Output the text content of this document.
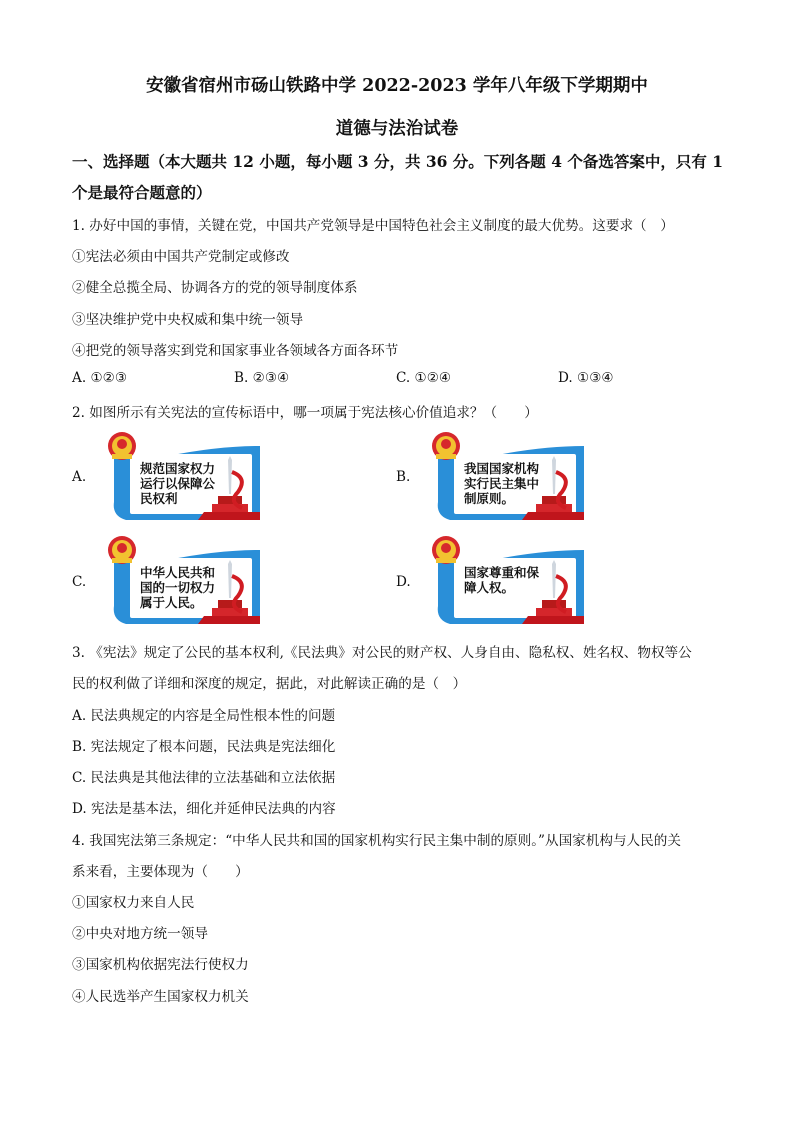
安徽省宿州市砀山铁路中学 2022-2023 学年八年级下学期期中
道德与法治试卷

一、选择题（本大题共 12 小题，每小题 3 分，共 36 分。下列各题 4 个备选答案中，只有 1

个是最符合题意的）

1. 办好中国的事情，关键在党，中国共产党领导是中国特色社会主义制度的最大优势。这要求（　）

①宪法必须由中国共产党制定或修改

②健全总揽全局、协调各方的党的领导制度体系

③坚决维护党中央权威和集中统一领导

④把党的领导落实到党和国家事业各领域各方面各环节

A. ①②③	B. ②③④	C. ①②④	D. ①③④

2. 如图所示有关宪法的宣传标语中，哪一项属于宪法核心价值追求？（　　）

A.
规范国家权力
运行以保障公
民权利
B.
我国国家机构
实行民主集中
制原则。
C.
中华人民共和
国的一切权力
属于人民。
D.
国家尊重和保
障人权。

3. 《宪法》规定了公民的基本权利,《民法典》对公民的财产权、人身自由、隐私权、姓名权、物权等公

民的权利做了详细和深度的规定，据此，对此解读正确的是（　）

A. 民法典规定的内容是全局性根本性的问题

B. 宪法规定了根本问题，民法典是宪法细化

C. 民法典是其他法律的立法基础和立法依据

D. 宪法是基本法，细化并延伸民法典的内容

4. 我国宪法第三条规定：“中华人民共和国的国家机构实行民主集中制的原则。”从国家机构与人民的关

系来看，主要体现为（　　）

①国家权力来自人民

②中央对地方统一领导

③国家机构依据宪法行使权力

④人民选举产生国家权力机关
